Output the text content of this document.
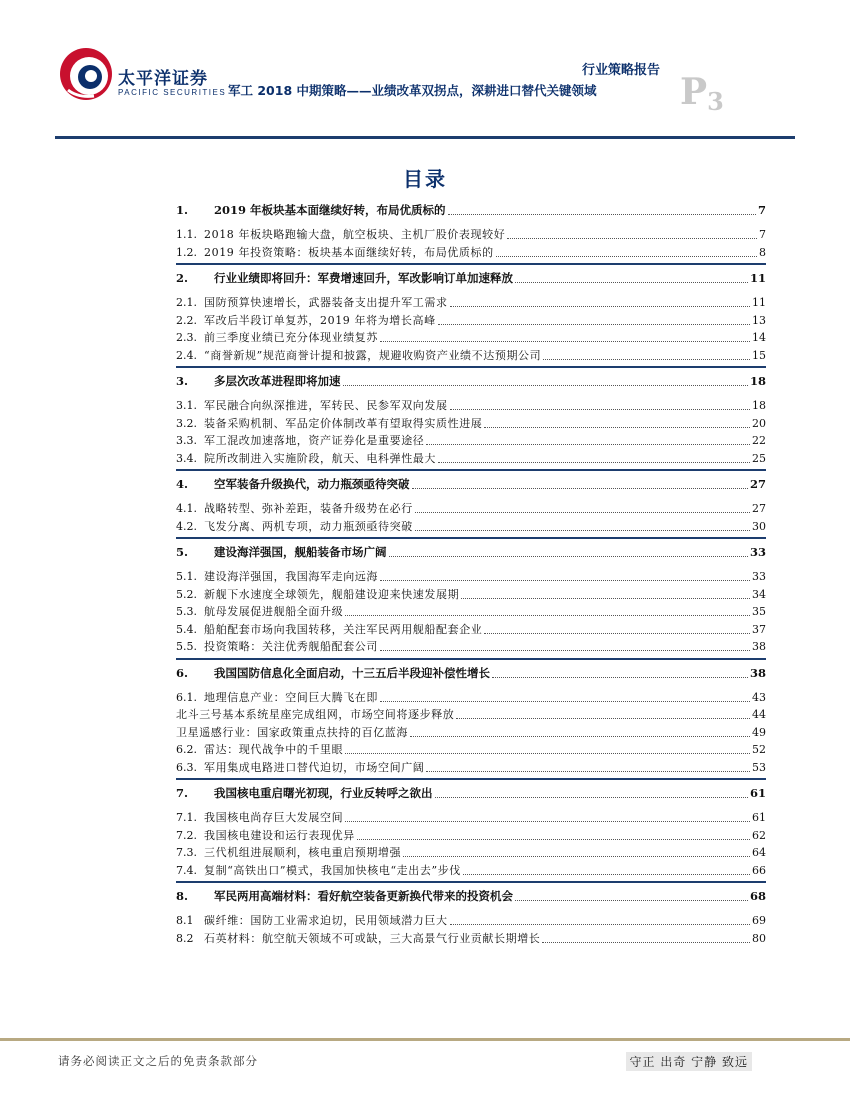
太平洋证券
PACIFIC SECURITIES
行业策略报告
军工 2018 中期策略——业绩改革双拐点，深耕进口替代关键领域 $P_3$
目录
1.	2019 年板块基本面继续好转，布局优质标的	7
1.1. 2018 年板块略跑输大盘，航空板块、主机厂股价表现较好	7
1.2. 2019 年投资策略：板块基本面继续好转，布局优质标的	8
2.	行业业绩即将回升：军费增速回升，军改影响订单加速释放	11
2.1. 国防预算快速增长，武器装备支出提升军工需求	11
2.2. 军改后半段订单复苏，2019 年将为增长高峰	13
2.3. 前三季度业绩已充分体现业绩复苏	14
2.4. “商誉新规”规范商誉计提和披露，规避收购资产业绩不达预期公司	15
3.	多层次改革进程即将加速	18
3.1. 军民融合向纵深推进，军转民、民参军双向发展	18
3.2. 装备采购机制、军品定价体制改革有望取得实质性进展	20
3.3. 军工混改加速落地，资产证券化是重要途径	22
3.4. 院所改制进入实施阶段，航天、电科弹性最大	25
4.	空军装备升级换代，动力瓶颈亟待突破	27
4.1. 战略转型、弥补差距，装备升级势在必行	27
4.2. 飞发分离、两机专项，动力瓶颈亟待突破	30
5.	建设海洋强国，舰船装备市场广阔	33
5.1. 建设海洋强国，我国海军走向远海	33
5.2. 新舰下水速度全球领先，舰船建设迎来快速发展期	34
5.3. 航母发展促进舰船全面升级	35
5.4. 船舶配套市场向我国转移，关注军民两用舰船配套企业	37
5.5. 投资策略：关注优秀舰船配套公司	38
6.	我国国防信息化全面启动，十三五后半段迎补偿性增长	38
6.1. 地理信息产业：空间巨大腾飞在即	43
北斗三号基本系统星座完成组网，市场空间将逐步释放	44
卫星遥感行业：国家政策重点扶持的百亿蓝海	49
6.2. 雷达：现代战争中的千里眼	52
6.3. 军用集成电路进口替代迫切，市场空间广阔	53
7.	我国核电重启曙光初现，行业反转呼之欲出	61
7.1. 我国核电尚存巨大发展空间	61
7.2. 我国核电建设和运行表现优异	62
7.3. 三代机组进展顺利，核电重启预期增强	64
7.4. 复制“高铁出口”模式，我国加快核电“走出去”步伐	66
8.	军民两用高端材料：看好航空装备更新换代带来的投资机会	68
8.1 碳纤维：国防工业需求迫切，民用领域潜力巨大	69
8.2 石英材料：航空航天领域不可或缺，三大高景气行业贡献长期增长	80
请务必阅读正文之后的免责条款部分	守正 出奇 宁静 致远
